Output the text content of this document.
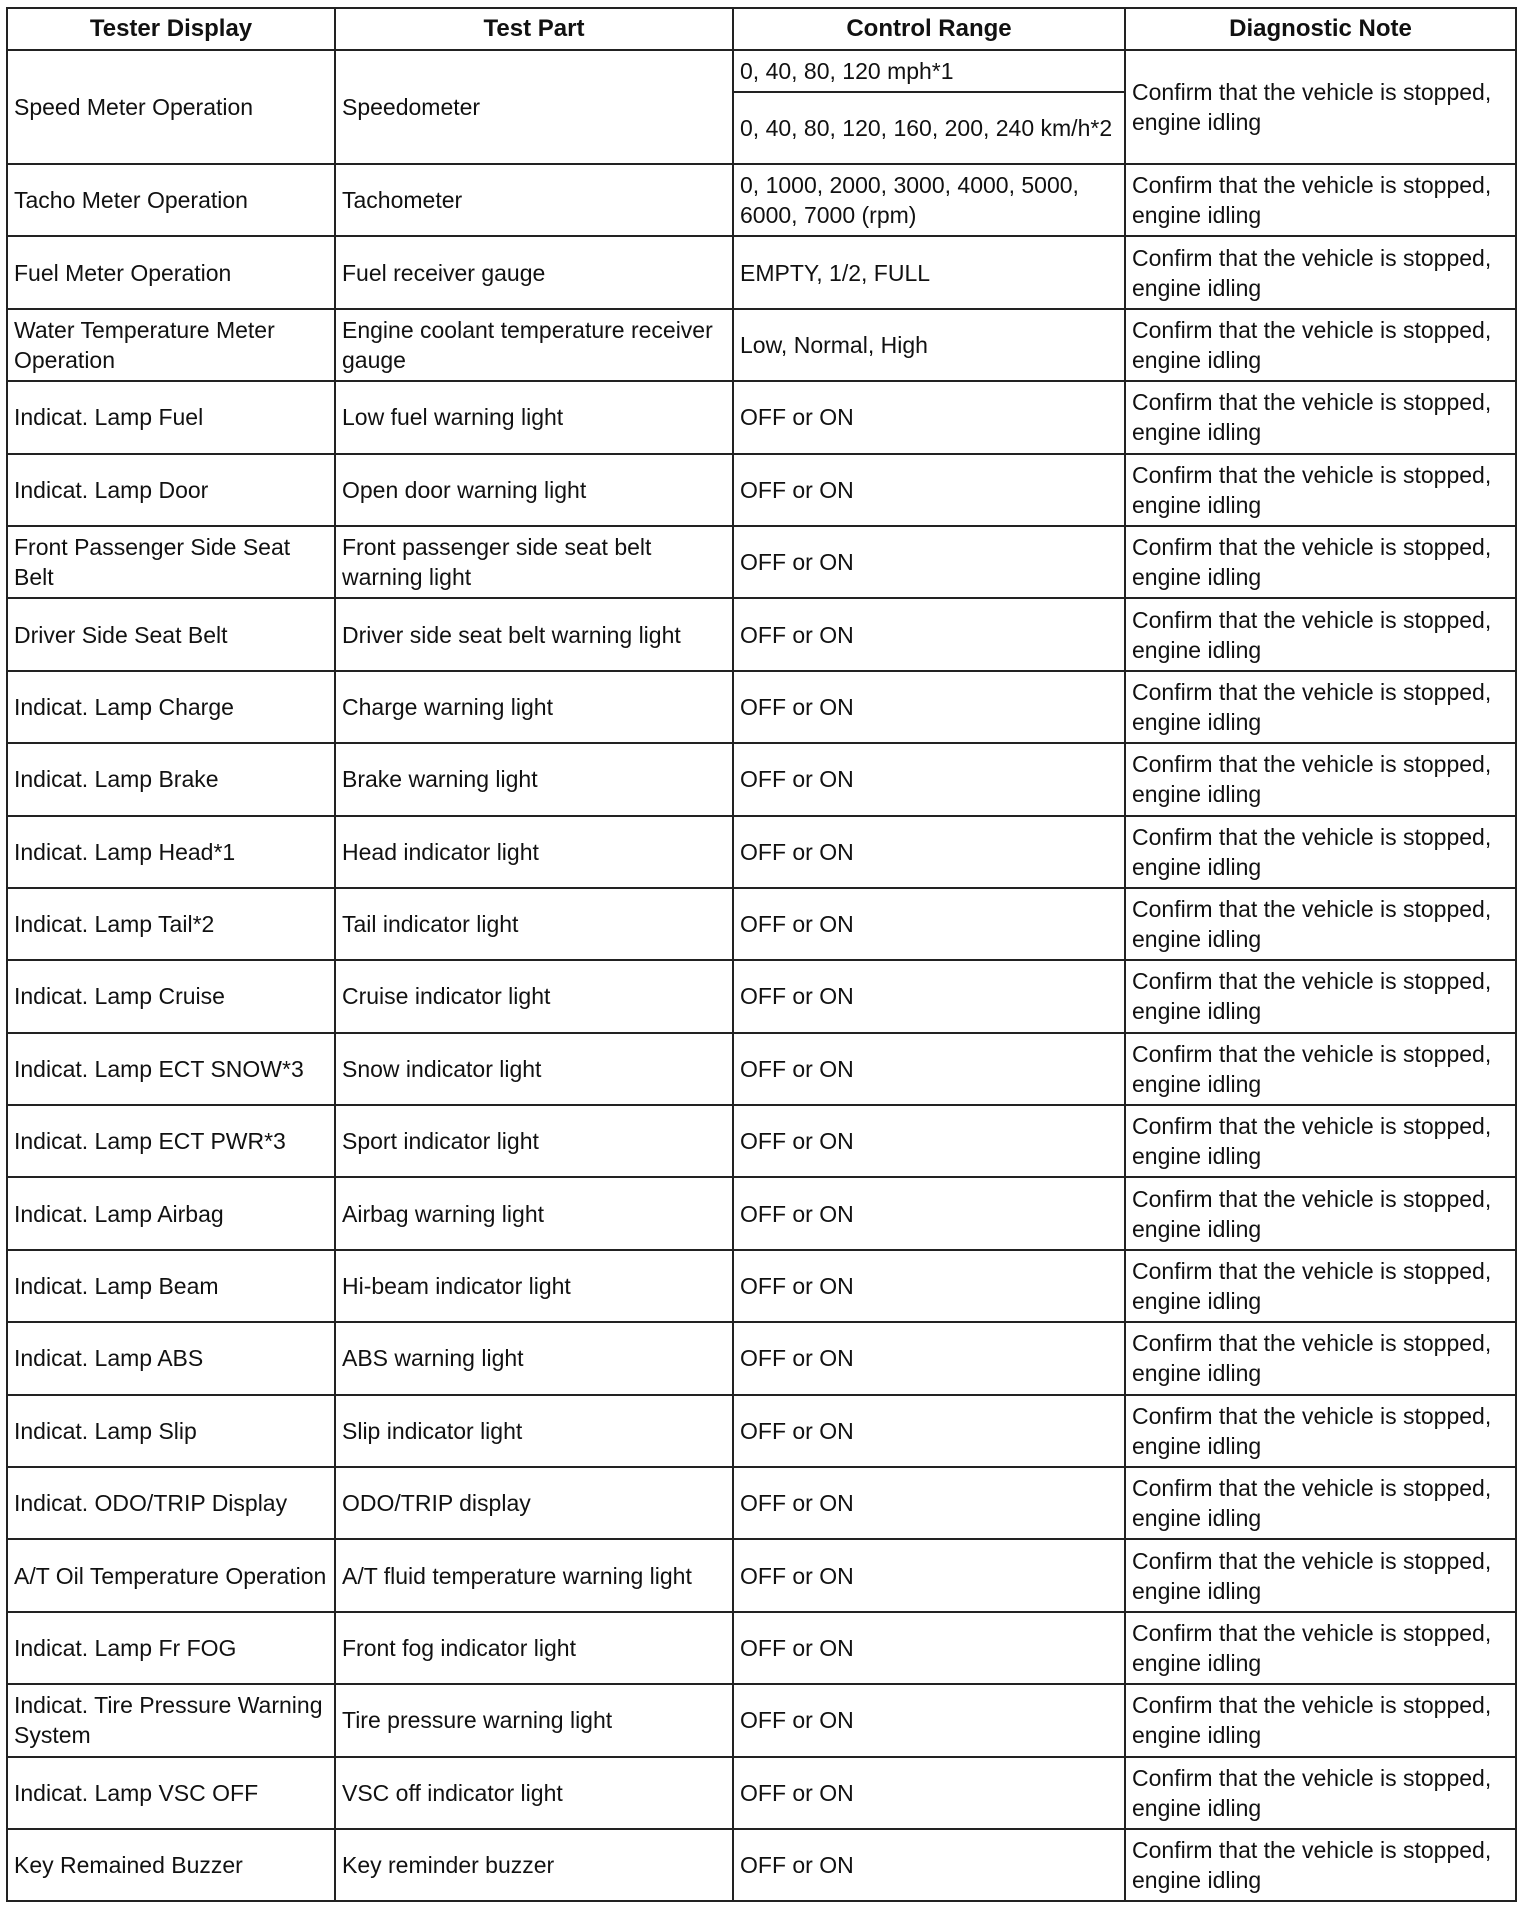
Tester Display	Test Part	Control Range	Diagnostic Note
Speed Meter Operation	Speedometer	0, 40, 80, 120 mph*1	Confirm that the vehicle is stopped, engine idling
		0, 40, 80, 120, 160, 200, 240 km/h*2	
Tacho Meter Operation	Tachometer	0, 1000, 2000, 3000, 4000, 5000, 6000, 7000 (rpm)	Confirm that the vehicle is stopped, engine idling
Fuel Meter Operation	Fuel receiver gauge	EMPTY, 1/2, FULL	Confirm that the vehicle is stopped, engine idling
Water Temperature Meter Operation	Engine coolant temperature receiver gauge	Low, Normal, High	Confirm that the vehicle is stopped, engine idling
Indicat. Lamp Fuel	Low fuel warning light	OFF or ON	Confirm that the vehicle is stopped, engine idling
Indicat. Lamp Door	Open door warning light	OFF or ON	Confirm that the vehicle is stopped, engine idling
Front Passenger Side Seat Belt	Front passenger side seat belt warning light	OFF or ON	Confirm that the vehicle is stopped, engine idling
Driver Side Seat Belt	Driver side seat belt warning light	OFF or ON	Confirm that the vehicle is stopped, engine idling
Indicat. Lamp Charge	Charge warning light	OFF or ON	Confirm that the vehicle is stopped, engine idling
Indicat. Lamp Brake	Brake warning light	OFF or ON	Confirm that the vehicle is stopped, engine idling
Indicat. Lamp Head*1	Head indicator light	OFF or ON	Confirm that the vehicle is stopped, engine idling
Indicat. Lamp Tail*2	Tail indicator light	OFF or ON	Confirm that the vehicle is stopped, engine idling
Indicat. Lamp Cruise	Cruise indicator light	OFF or ON	Confirm that the vehicle is stopped, engine idling
Indicat. Lamp ECT SNOW*3	Snow indicator light	OFF or ON	Confirm that the vehicle is stopped, engine idling
Indicat. Lamp ECT PWR*3	Sport indicator light	OFF or ON	Confirm that the vehicle is stopped, engine idling
Indicat. Lamp Airbag	Airbag warning light	OFF or ON	Confirm that the vehicle is stopped, engine idling
Indicat. Lamp Beam	Hi-beam indicator light	OFF or ON	Confirm that the vehicle is stopped, engine idling
Indicat. Lamp ABS	ABS warning light	OFF or ON	Confirm that the vehicle is stopped, engine idling
Indicat. Lamp Slip	Slip indicator light	OFF or ON	Confirm that the vehicle is stopped, engine idling
Indicat. ODO/TRIP Display	ODO/TRIP display	OFF or ON	Confirm that the vehicle is stopped, engine idling
A/T Oil Temperature Operation	A/T fluid temperature warning light	OFF or ON	Confirm that the vehicle is stopped, engine idling
Indicat. Lamp Fr FOG	Front fog indicator light	OFF or ON	Confirm that the vehicle is stopped, engine idling
Indicat. Tire Pressure Warning System	Tire pressure warning light	OFF or ON	Confirm that the vehicle is stopped, engine idling
Indicat. Lamp VSC OFF	VSC off indicator light	OFF or ON	Confirm that the vehicle is stopped, engine idling
Key Remained Buzzer	Key reminder buzzer	OFF or ON	Confirm that the vehicle is stopped, engine idling
